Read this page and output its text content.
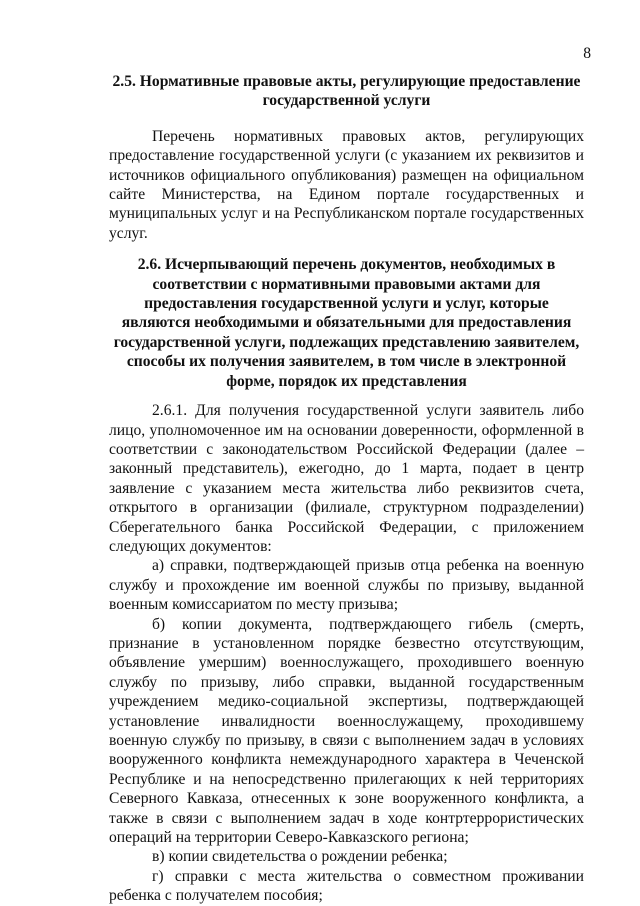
8

2.5. Нормативные правовые акты, регулирующие предоставление государственной услуги

Перечень нормативных правовых актов, регулирующих предоставление государственной услуги (с указанием их реквизитов и источников официального опубликования) размещен на официальном сайте Министерства, на Едином портале государственных и муниципальных услуг и на Республиканском портале государственных услуг.

2.6. Исчерпывающий перечень документов, необходимых в соответствии с нормативными правовыми актами для предоставления государственной услуги и услуг, которые являются необходимыми и обязательными для предоставления государственной услуги, подлежащих представлению заявителем, способы их получения заявителем, в том числе в электронной форме, порядок их представления

2.6.1. Для получения государственной услуги заявитель либо лицо, уполномоченное им на основании доверенности, оформленной в соответствии с законодательством Российской Федерации (далее – законный представитель), ежегодно, до 1 марта, подает в центр заявление с указанием места жительства либо реквизитов счета, открытого в организации (филиале, структурном подразделении) Сберегательного банка Российской Федерации, с приложением следующих документов:

а) справки, подтверждающей призыв отца ребенка на военную службу и прохождение им военной службы по призыву, выданной военным комиссариатом по месту призыва;

б) копии документа, подтверждающего гибель (смерть, признание в установленном порядке безвестно отсутствующим, объявление умершим) военнослужащего, проходившего военную службу по призыву, либо справки, выданной государственным учреждением медико-социальной экспертизы, подтверждающей установление инвалидности военнослужащему, проходившему военную службу по призыву, в связи с выполнением задач в условиях вооруженного конфликта немеждународного характера в Чеченской Республике и на непосредственно прилегающих к ней территориях Северного Кавказа, отнесенных к зоне вооруженного конфликта, а также в связи с выполнением задач в ходе контртеррористических операций на территории Северо-Кавказского региона;

в) копии свидетельства о рождении ребенка;

г) справки с места жительства о совместном проживании ребенка с получателем пособия;
